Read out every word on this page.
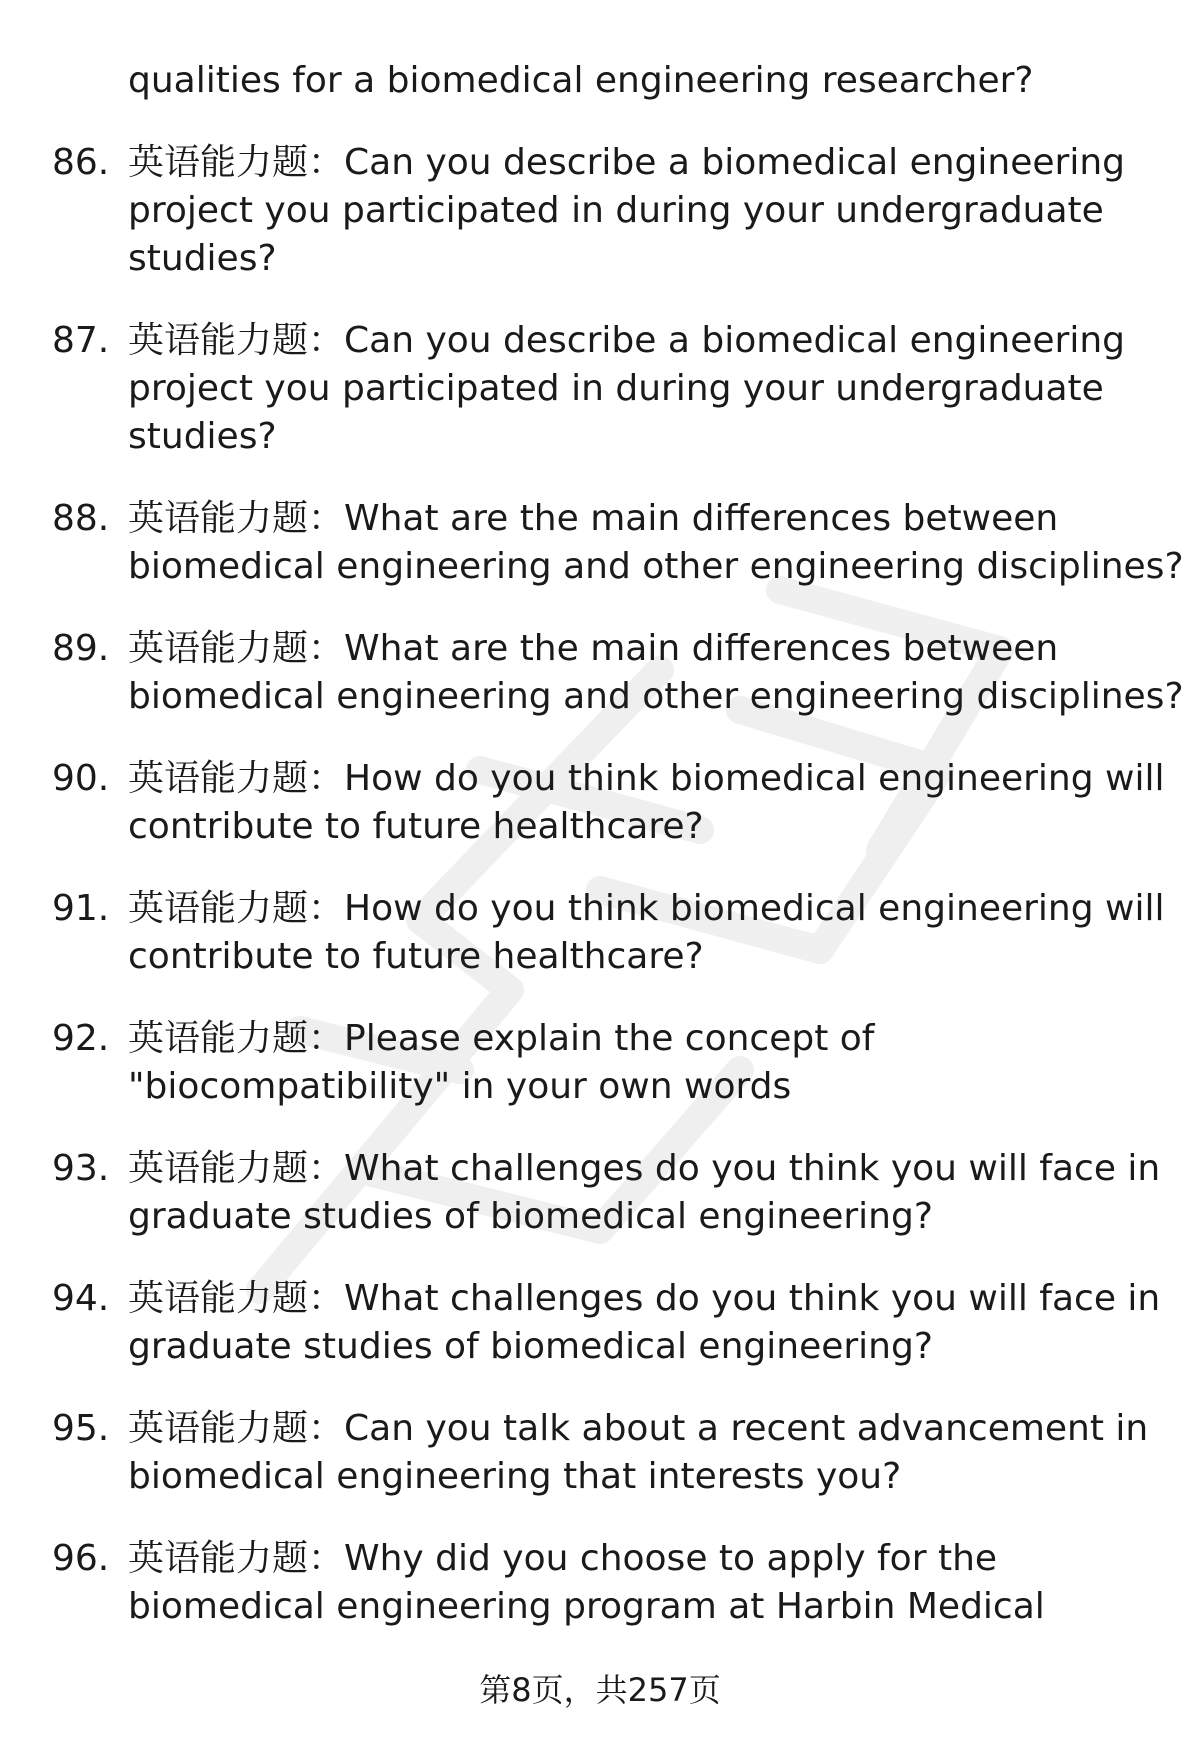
qualities for a biomedical engineering researcher?
86. 英语能力题：Can you describe a biomedical engineering
project you participated in during your undergraduate
studies?
87. 英语能力题：Can you describe a biomedical engineering
project you participated in during your undergraduate
studies?
88. 英语能力题：What are the main differences between
biomedical engineering and other engineering disciplines?
89. 英语能力题：What are the main differences between
biomedical engineering and other engineering disciplines?
90. 英语能力题：How do you think biomedical engineering will
contribute to future healthcare?
91. 英语能力题：How do you think biomedical engineering will
contribute to future healthcare?
92. 英语能力题：Please explain the concept of
"biocompatibility" in your own words
93. 英语能力题：What challenges do you think you will face in
graduate studies of biomedical engineering?
94. 英语能力题：What challenges do you think you will face in
graduate studies of biomedical engineering?
95. 英语能力题：Can you talk about a recent advancement in
biomedical engineering that interests you?
96. 英语能力题：Why did you choose to apply for the
biomedical engineering program at Harbin Medical
第8页，共257页
